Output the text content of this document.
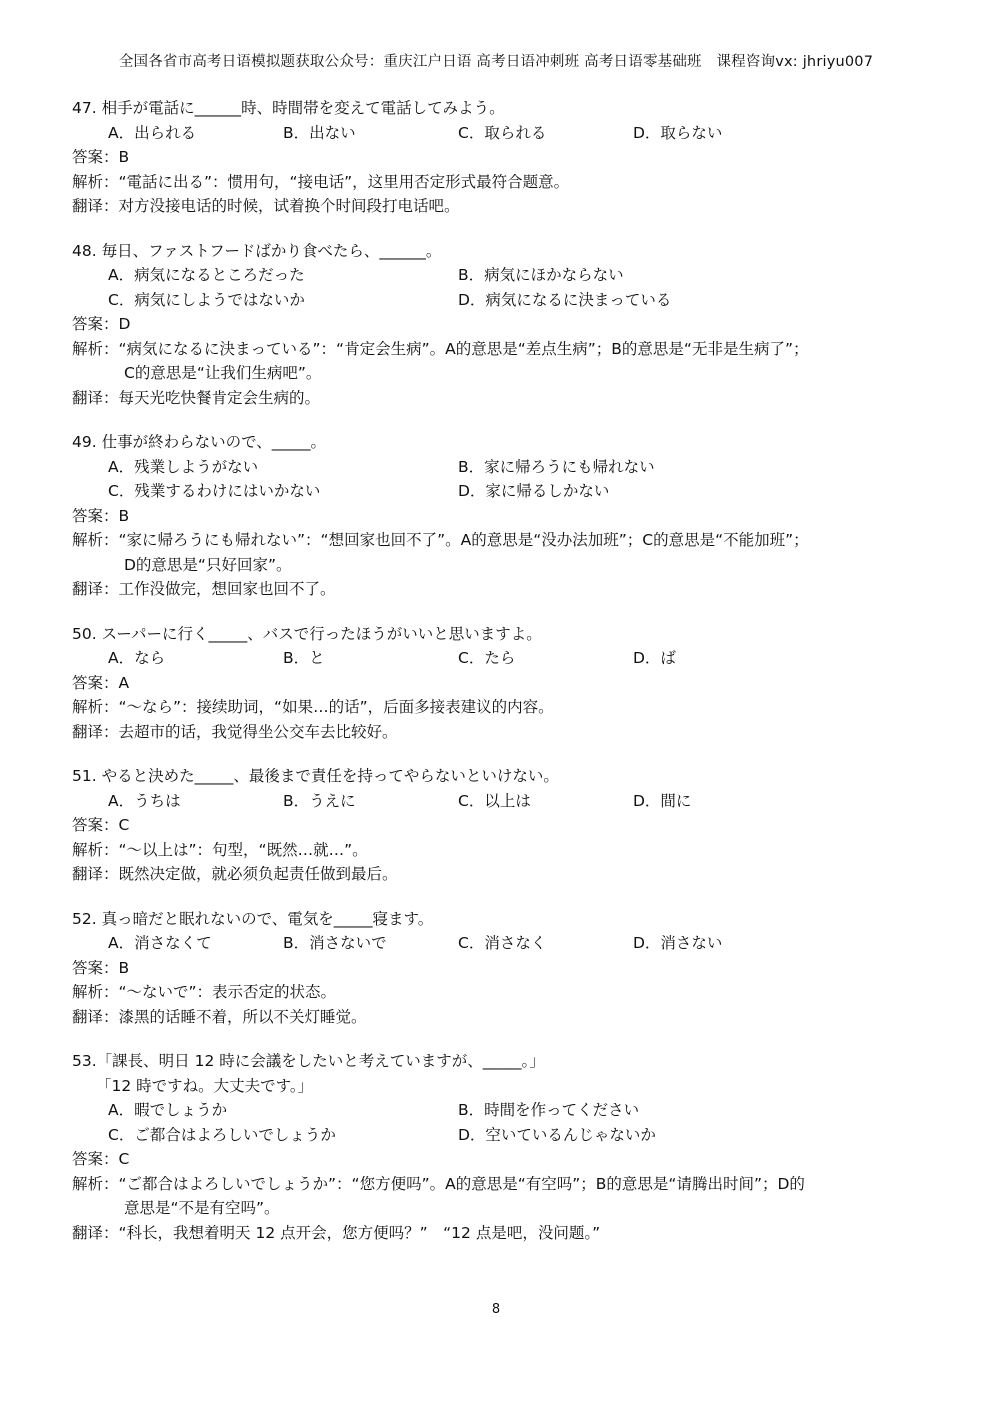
全国各省市高考日语模拟题获取公众号：重庆江户日语 高考日语冲刺班 高考日语零基础班　课程咨询vx: jhriyu007
47. 相手が電話に______時、時間帯を変えて電話してみよう。
A．出られる	B．出ない	C．取られる	D．取らない
答案：B
解析：“電話に出る”：惯用句，“接电话”，这里用否定形式最符合题意。
翻译：对方没接电话的时候，试着换个时间段打电话吧。
48. 毎日、ファストフードばかり食べたら、______。
A．病気になるところだった	B．病気にほかならない
C．病気にしようではないか	D．病気になるに決まっている
答案：D
解析：“病気になるに決まっている”：“肯定会生病”。A的意思是“差点生病”；B的意思是“无非是生病了”；
C的意思是“让我们生病吧”。
翻译：每天光吃快餐肯定会生病的。
49. 仕事が終わらないので、_____。
A．残業しようがない	B．家に帰ろうにも帰れない
C．残業するわけにはいかない	D．家に帰るしかない
答案：B
解析：“家に帰ろうにも帰れない”：“想回家也回不了”。A的意思是“没办法加班”；C的意思是“不能加班”；
D的意思是“只好回家”。
翻译：工作没做完，想回家也回不了。
50. スーパーに行く_____、バスで行ったほうがいいと思いますよ。
A．なら	B．と	C．たら	D．ば
答案：A
解析：“～なら”：接续助词，“如果…的话”，后面多接表建议的内容。
翻译：去超市的话，我觉得坐公交车去比较好。
51. やると決めた_____、最後まで責任を持ってやらないといけない。
A．うちは	B．うえに	C．以上は	D．間に
答案：C
解析：“～以上は”：句型，“既然…就…”。
翻译：既然决定做，就必须负起责任做到最后。
52. 真っ暗だと眠れないので、電気を_____寝ます。
A．消さなくて	B．消さないで	C．消さなく	D．消さない
答案：B
解析：“～ないで”：表示否定的状态。
翻译：漆黑的话睡不着，所以不关灯睡觉。
53.「課長、明日 12 時に会議をしたいと考えていますが、_____。」
「12 時ですね。大丈夫です。」
A．暇でしょうか	B．時間を作ってください
C．ご都合はよろしいでしょうか	D．空いているんじゃないか
答案：C
解析：“ご都合はよろしいでしょうか”：“您方便吗”。A的意思是“有空吗”；B的意思是“请腾出时间”；D的
意思是“不是有空吗”。
翻译：“科长，我想着明天 12 点开会，您方便吗？”　“12 点是吧，没问题。”
8
